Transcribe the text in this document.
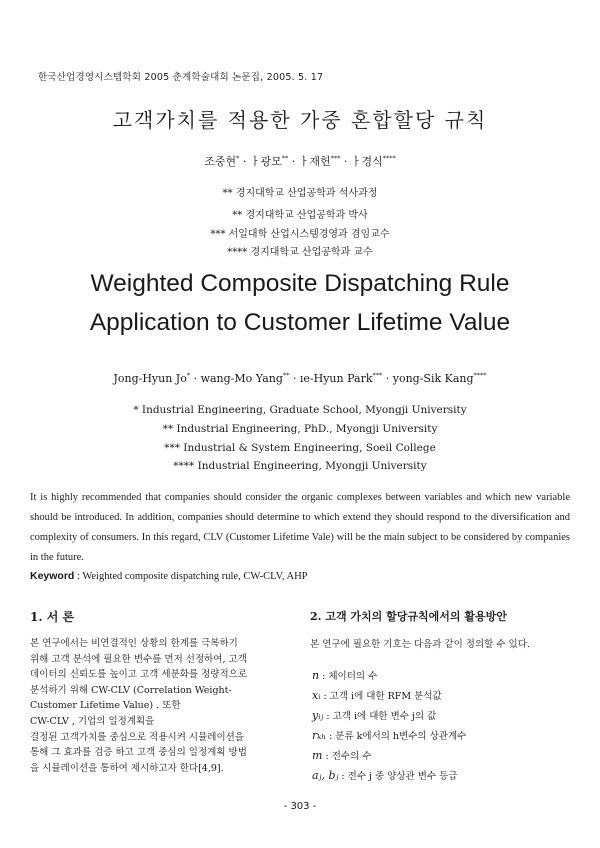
한국산업경영시스템학회 2005 춘계학술대회 논문집, 2005. 5. 17
고객가치를 적용한 가중 혼합할당 규칙
조중현* · ㅏ광모** · ㅏ재헌*** · ㅏ경식****
** 경지대학교 산업공학과 석사과정
** 경지대학교 산업공학과 박사
*** 서일대학 산업시스템경영과 겸임교수
**** 경지대학교 산업공학과 교수
Weighted Composite Dispatching Rule
Application to Customer Lifetime Value
Jong-Hyun Jo* · wang-Mo Yang** · ıe-Hyun Park*** · yong-Sik Kang****
* Industrial Engineering, Graduate School, Myongji University
** Industrial Engineering, PhD., Myongji University
*** Industrial & System Engineering, Soeil College
**** Industrial Engineering, Myongji University
It is highly recommended that companies should consider the organic complexes between variables and which new variable should be introduced. In addition, companies should determine to which extend they should respond to the diversification and complexity of consumers. In this regard, CLV (Customer Lifetime Vale) will be the main subject to be considered by companies in the future.
Keyword : Weighted composite dispatching rule, CW-CLV, AHP
1. 서 론
본 연구에서는 비연결적인 상황의 한계를 극복하기
위해 고객 분석에 필요한 변수를 먼저 선정하여, 고객
데이터의 신뢰도를 높이고 고객 세분화를 정량적으로
분석하기 위해 CW-CLV (Correlation Weight-
Customer Lifetime Value) . 또한
CW-CLV , 기업의 일정계획을
결정된 고객가치를 중심으로 적용시켜 시뮬레이션을
통해 그 효과를 검증 하고 고객 중심의 일정계획 방법
을 시뮬레이션을 통하여 제시하고자 한다[4,9].
2. 고객 가치의 할당규칙에서의 활용방안
본 연구에 필요한 기호는 다음과 같이 정의할 수 있다.
n : 체이터의 수
xᵢ : 고객 i에 대한 RFM 분석값
yᵢⱼ : 고객 i에 대한 변수 j의 값
rₖₕ : 분류 k에서의 h변수의 상관계수
m : 전수의 수
aⱼ, bⱼ : 전수 j 중 양상관 변수 등급
- 303 -
